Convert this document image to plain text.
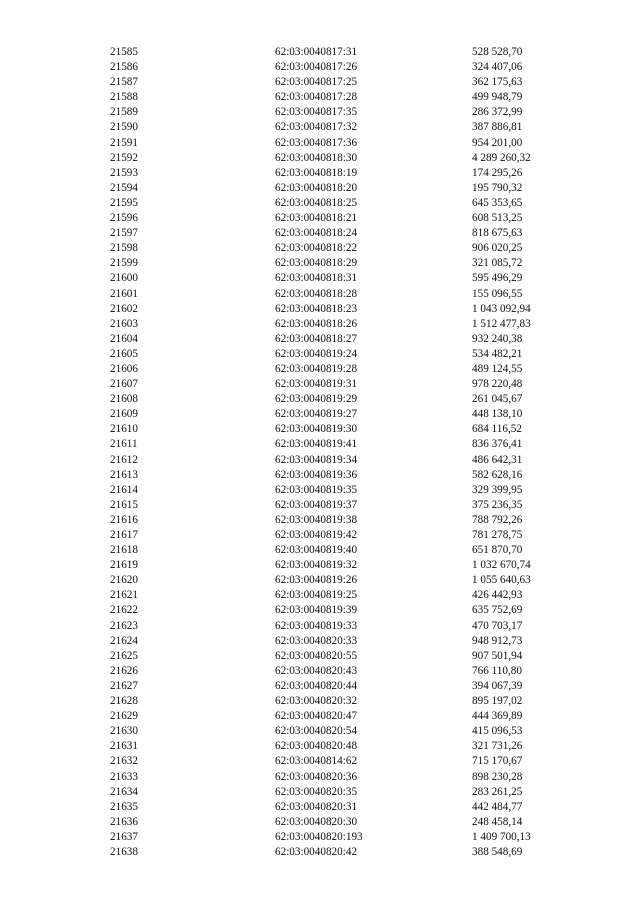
21585	62:03:0040817:31	528 528,70
21586	62:03:0040817:26	324 407,06
21587	62:03:0040817:25	362 175,63
21588	62:03:0040817:28	499 948,79
21589	62:03:0040817:35	286 372,99
21590	62:03:0040817:32	387 886,81
21591	62:03:0040817:36	954 201,00
21592	62:03:0040818:30	4 289 260,32
21593	62:03:0040818:19	174 295,26
21594	62:03:0040818:20	195 790,32
21595	62:03:0040818:25	645 353,65
21596	62:03:0040818:21	608 513,25
21597	62:03:0040818:24	818 675,63
21598	62:03:0040818:22	906 020,25
21599	62:03:0040818:29	321 085,72
21600	62:03:0040818:31	595 496,29
21601	62:03:0040818:28	155 096,55
21602	62:03:0040818:23	1 043 092,94
21603	62:03:0040818:26	1 512 477,83
21604	62:03:0040818:27	932 240,38
21605	62:03:0040819:24	534 482,21
21606	62:03:0040819:28	489 124,55
21607	62:03:0040819:31	978 220,48
21608	62:03:0040819:29	261 045,67
21609	62:03:0040819:27	448 138,10
21610	62:03:0040819:30	684 116,52
21611	62:03:0040819:41	836 376,41
21612	62:03:0040819:34	486 642,31
21613	62:03:0040819:36	582 628,16
21614	62:03:0040819:35	329 399,95
21615	62:03:0040819:37	375 236,35
21616	62:03:0040819:38	788 792,26
21617	62:03:0040819:42	781 278,75
21618	62:03:0040819:40	651 870,70
21619	62:03:0040819:32	1 032 670,74
21620	62:03:0040819:26	1 055 640,63
21621	62:03:0040819:25	426 442,93
21622	62:03:0040819:39	635 752,69
21623	62:03:0040819:33	470 703,17
21624	62:03:0040820:33	948 912,73
21625	62:03:0040820:55	907 501,94
21626	62:03:0040820:43	766 110,80
21627	62:03:0040820:44	394 067,39
21628	62:03:0040820:32	895 197,02
21629	62:03:0040820:47	444 369,89
21630	62:03:0040820:54	415 096,53
21631	62:03:0040820:48	321 731,26
21632	62:03:0040814:62	715 170,67
21633	62:03:0040820:36	898 230,28
21634	62:03:0040820:35	283 261,25
21635	62:03:0040820:31	442 484,77
21636	62:03:0040820:30	248 458,14
21637	62:03:0040820:193	1 409 700,13
21638	62:03:0040820:42	388 548,69
